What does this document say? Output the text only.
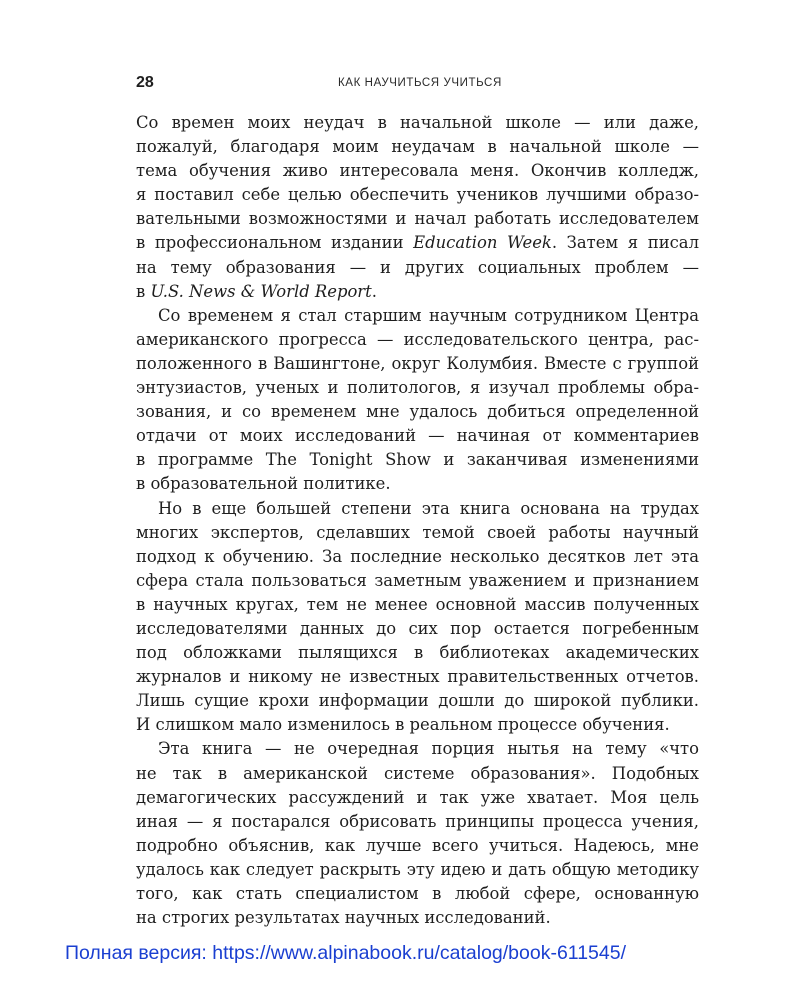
28	КАК НАУЧИТЬСЯ УЧИТЬСЯ
Со времен моих неудач в начальной школе — или даже,
пожалуй, благодаря моим неудачам в начальной школе —
тема обучения живо интересовала меня. Окончив колледж,
я поставил себе целью обеспечить учеников лучшими образо-
вательными возможностями и начал работать исследователем
в профессиональном издании Education Week. Затем я писал
на тему образования — и других социальных проблем —
в U.S. News & World Report.
Со временем я стал старшим научным сотрудником Центра
американского прогресса — исследовательского центра, рас-
положенного в Вашингтоне, округ Колумбия. Вместе с группой
энтузиастов, ученых и политологов, я изучал проблемы обра-
зования, и со временем мне удалось добиться определенной
отдачи от моих исследований — начиная от комментариев
в программе The Tonight Show и заканчивая изменениями
в образовательной политике.
Но в еще большей степени эта книга основана на трудах
многих экспертов, сделавших темой своей работы научный
подход к обучению. За последние несколько десятков лет эта
сфера стала пользоваться заметным уважением и признанием
в научных кругах, тем не менее основной массив полученных
исследователями данных до сих пор остается погребенным
под обложками пылящихся в библиотеках академических
журналов и никому не известных правительственных отчетов.
Лишь сущие крохи информации дошли до широкой публики.
И слишком мало изменилось в реальном процессе обучения.
Эта книга — не очередная порция нытья на тему «что
не так в американской системе образования». Подобных
демагогических рассуждений и так уже хватает. Моя цель
иная — я постарался обрисовать принципы процесса учения,
подробно объяснив, как лучше всего учиться. Надеюсь, мне
удалось как следует раскрыть эту идею и дать общую методику
того, как стать специалистом в любой сфере, основанную
на строгих результатах научных исследований.
Полная версия: https://www.alpinabook.ru/catalog/book-611545/
